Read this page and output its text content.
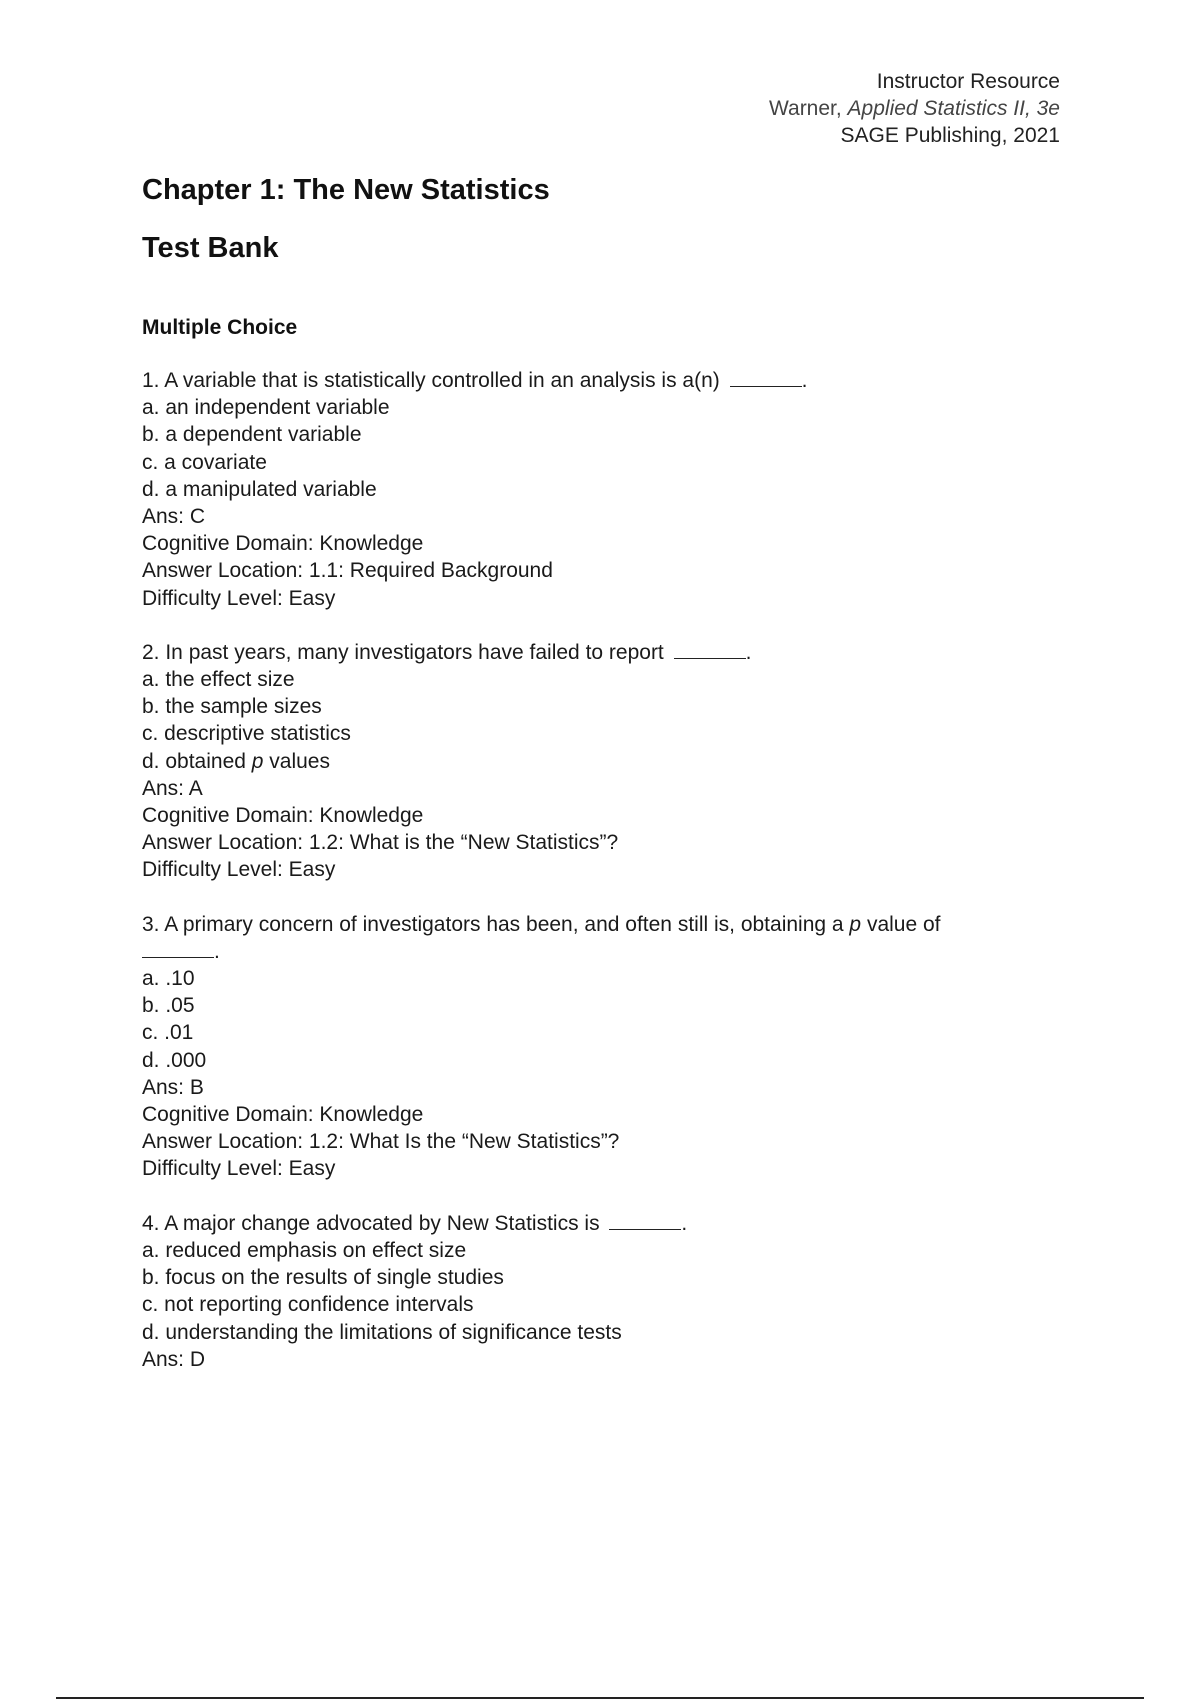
Instructor Resource
Warner, Applied Statistics II, 3e
SAGE Publishing, 2021
Chapter 1: The New Statistics
Test Bank
Multiple Choice
1. A variable that is statistically controlled in an analysis is a(n)	.
a. an independent variable
b. a dependent variable
c. a covariate
d. a manipulated variable
Ans: C
Cognitive Domain: Knowledge
Answer Location: 1.1: Required Background
Difficulty Level: Easy
2. In past years, many investigators have failed to report	.
a. the effect size
b. the sample sizes
c. descriptive statistics
d. obtained p values
Ans: A
Cognitive Domain: Knowledge
Answer Location: 1.2: What is the “New Statistics”?
Difficulty Level: Easy
3. A primary concern of investigators has been, and often still is, obtaining a p value of
.
a. .10
b. .05
c. .01
d. .000
Ans: B
Cognitive Domain: Knowledge
Answer Location: 1.2: What Is the “New Statistics”?
Difficulty Level: Easy
4. A major change advocated by New Statistics is	.
a. reduced emphasis on effect size
b. focus on the results of single studies
c. not reporting confidence intervals
d. understanding the limitations of significance tests
Ans: D
